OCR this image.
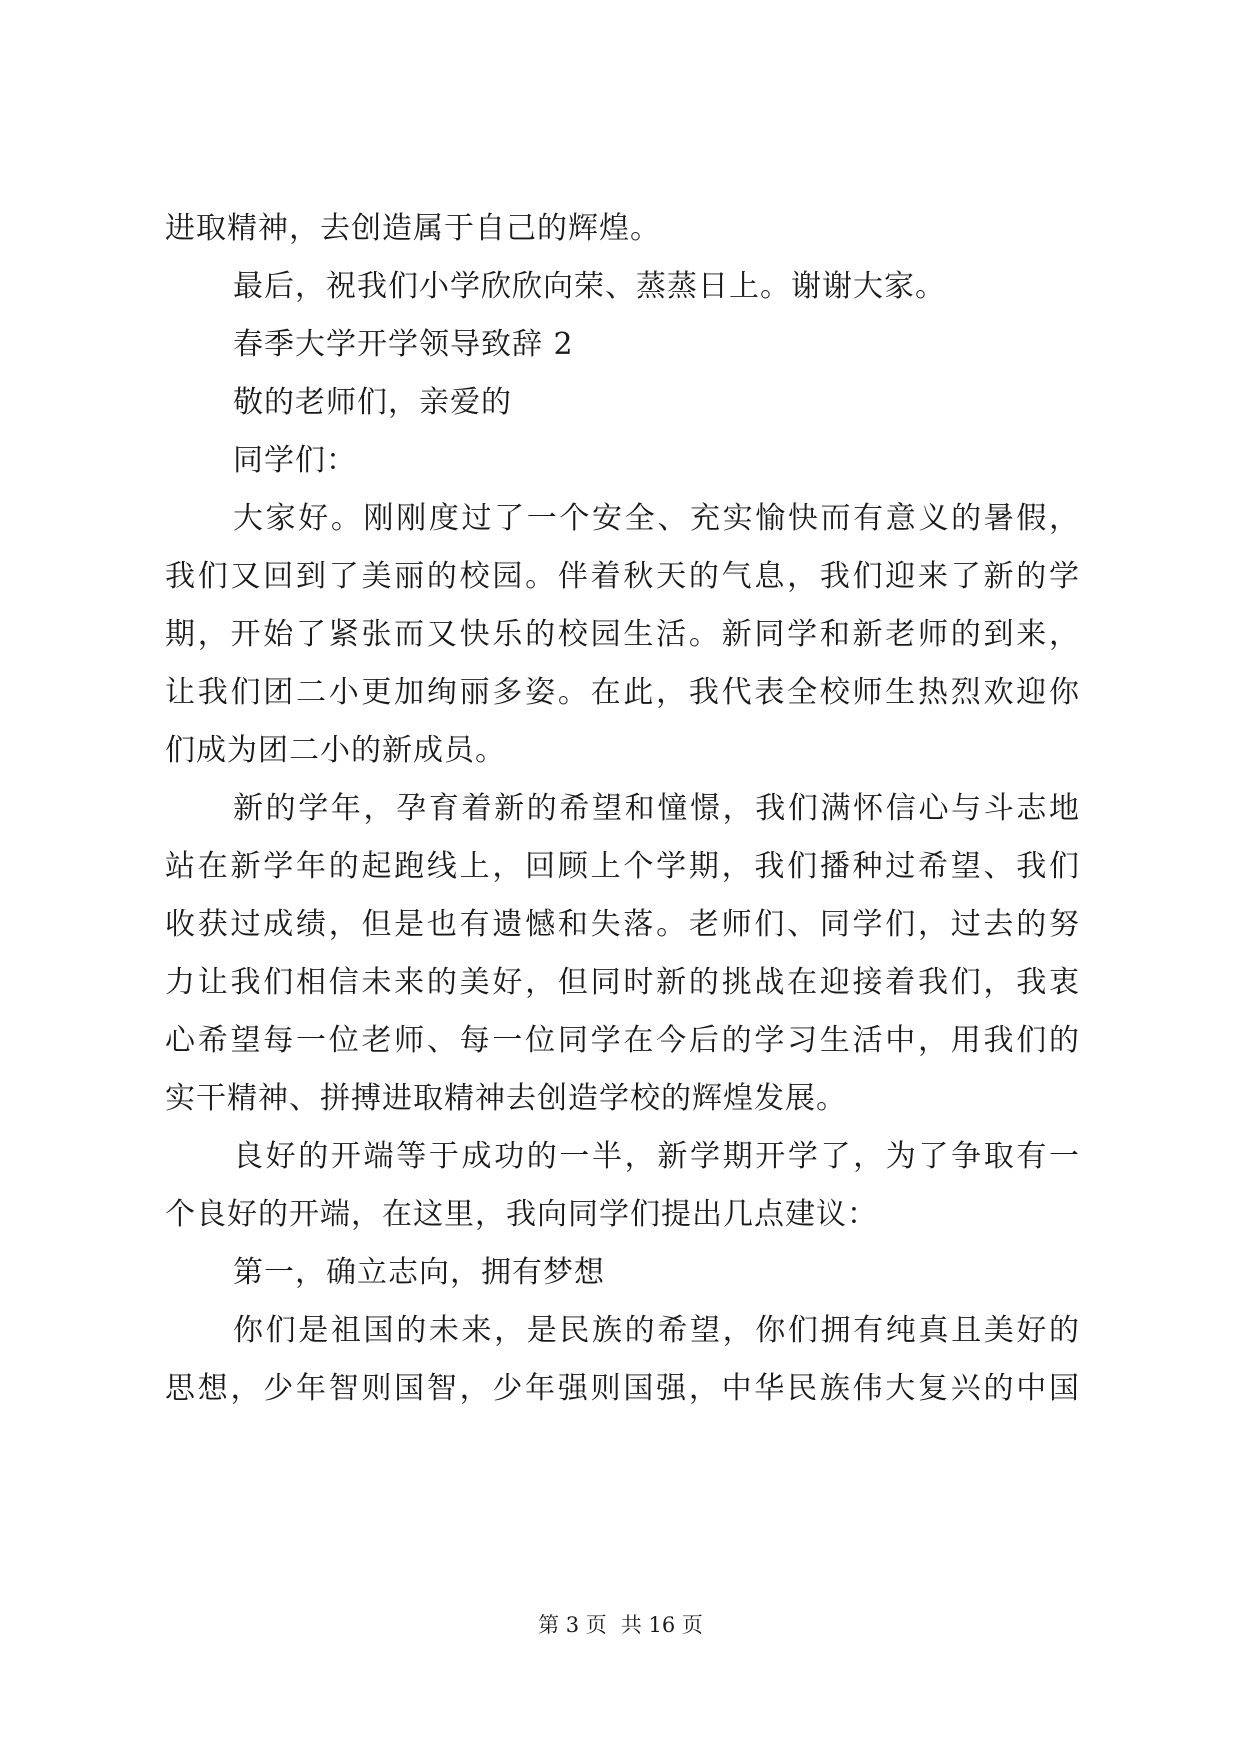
进取精神，去创造属于自己的辉煌。
最后，祝我们小学欣欣向荣、蒸蒸日上。谢谢大家。
春季大学开学领导致辞 2
敬的老师们，亲爱的
同学们：
大家好。刚刚度过了一个安全、充实愉快而有意义的暑假，
我们又回到了美丽的校园。伴着秋天的气息，我们迎来了新的学
期，开始了紧张而又快乐的校园生活。新同学和新老师的到来，
让我们团二小更加绚丽多姿。在此，我代表全校师生热烈欢迎你
们成为团二小的新成员。
新的学年，孕育着新的希望和憧憬，我们满怀信心与斗志地
站在新学年的起跑线上，回顾上个学期，我们播种过希望、我们
收获过成绩，但是也有遗憾和失落。老师们、同学们，过去的努
力让我们相信未来的美好，但同时新的挑战在迎接着我们，我衷
心希望每一位老师、每一位同学在今后的学习生活中，用我们的
实干精神、拼搏进取精神去创造学校的辉煌发展。
良好的开端等于成功的一半，新学期开学了，为了争取有一
个良好的开端，在这里，我向同学们提出几点建议：
第一，确立志向，拥有梦想
你们是祖国的未来，是民族的希望，你们拥有纯真且美好的
思想，少年智则国智，少年强则国强，中华民族伟大复兴的中国
第 3 页 共 16 页
